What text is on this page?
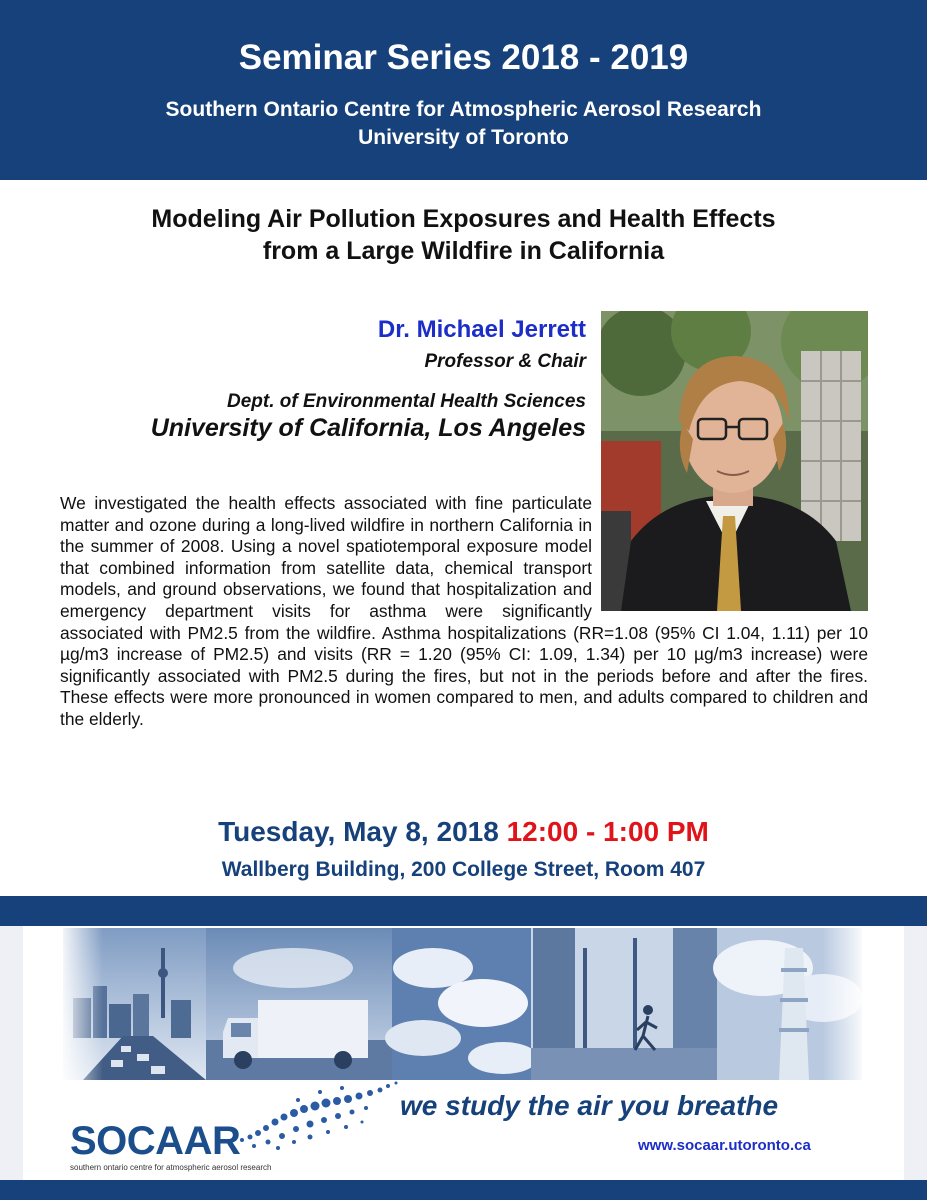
Seminar Series 2018 - 2019
Southern Ontario Centre for Atmospheric Aerosol Research
University of Toronto
Modeling Air Pollution Exposures and Health Effects
from a Large Wildfire in California
Dr. Michael Jerrett
Professor & Chair
Dept. of Environmental Health Sciences
University of California, Los Angeles
We investigated the health effects associated with fine particulate matter and ozone during a long-lived wildfire in northern California in the summer of 2008. Using a novel spatiotemporal exposure model that combined information from satellite data, chemical transport models, and ground observations, we found that hospitalization and emergency department visits for asthma were significantly associated with PM2.5 from the wildfire. Asthma hospitalizations (RR=1.08 (95% CI 1.04, 1.11) per 10 µg/m3 increase of PM2.5) and visits (RR = 1.20 (95% CI: 1.09, 1.34) per 10 µg/m3 increase) were significantly associated with PM2.5 during the fires, but not in the periods before and after the fires. These effects were more pronounced in women compared to men, and adults compared to children and the elderly.
Tuesday, May 8, 2018 12:00 - 1:00 PM
Wallberg Building, 200 College Street, Room 407
SOCAAR
southern ontario centre for atmospheric aerosol research
we study the air you breathe
www.socaar.utoronto.ca
